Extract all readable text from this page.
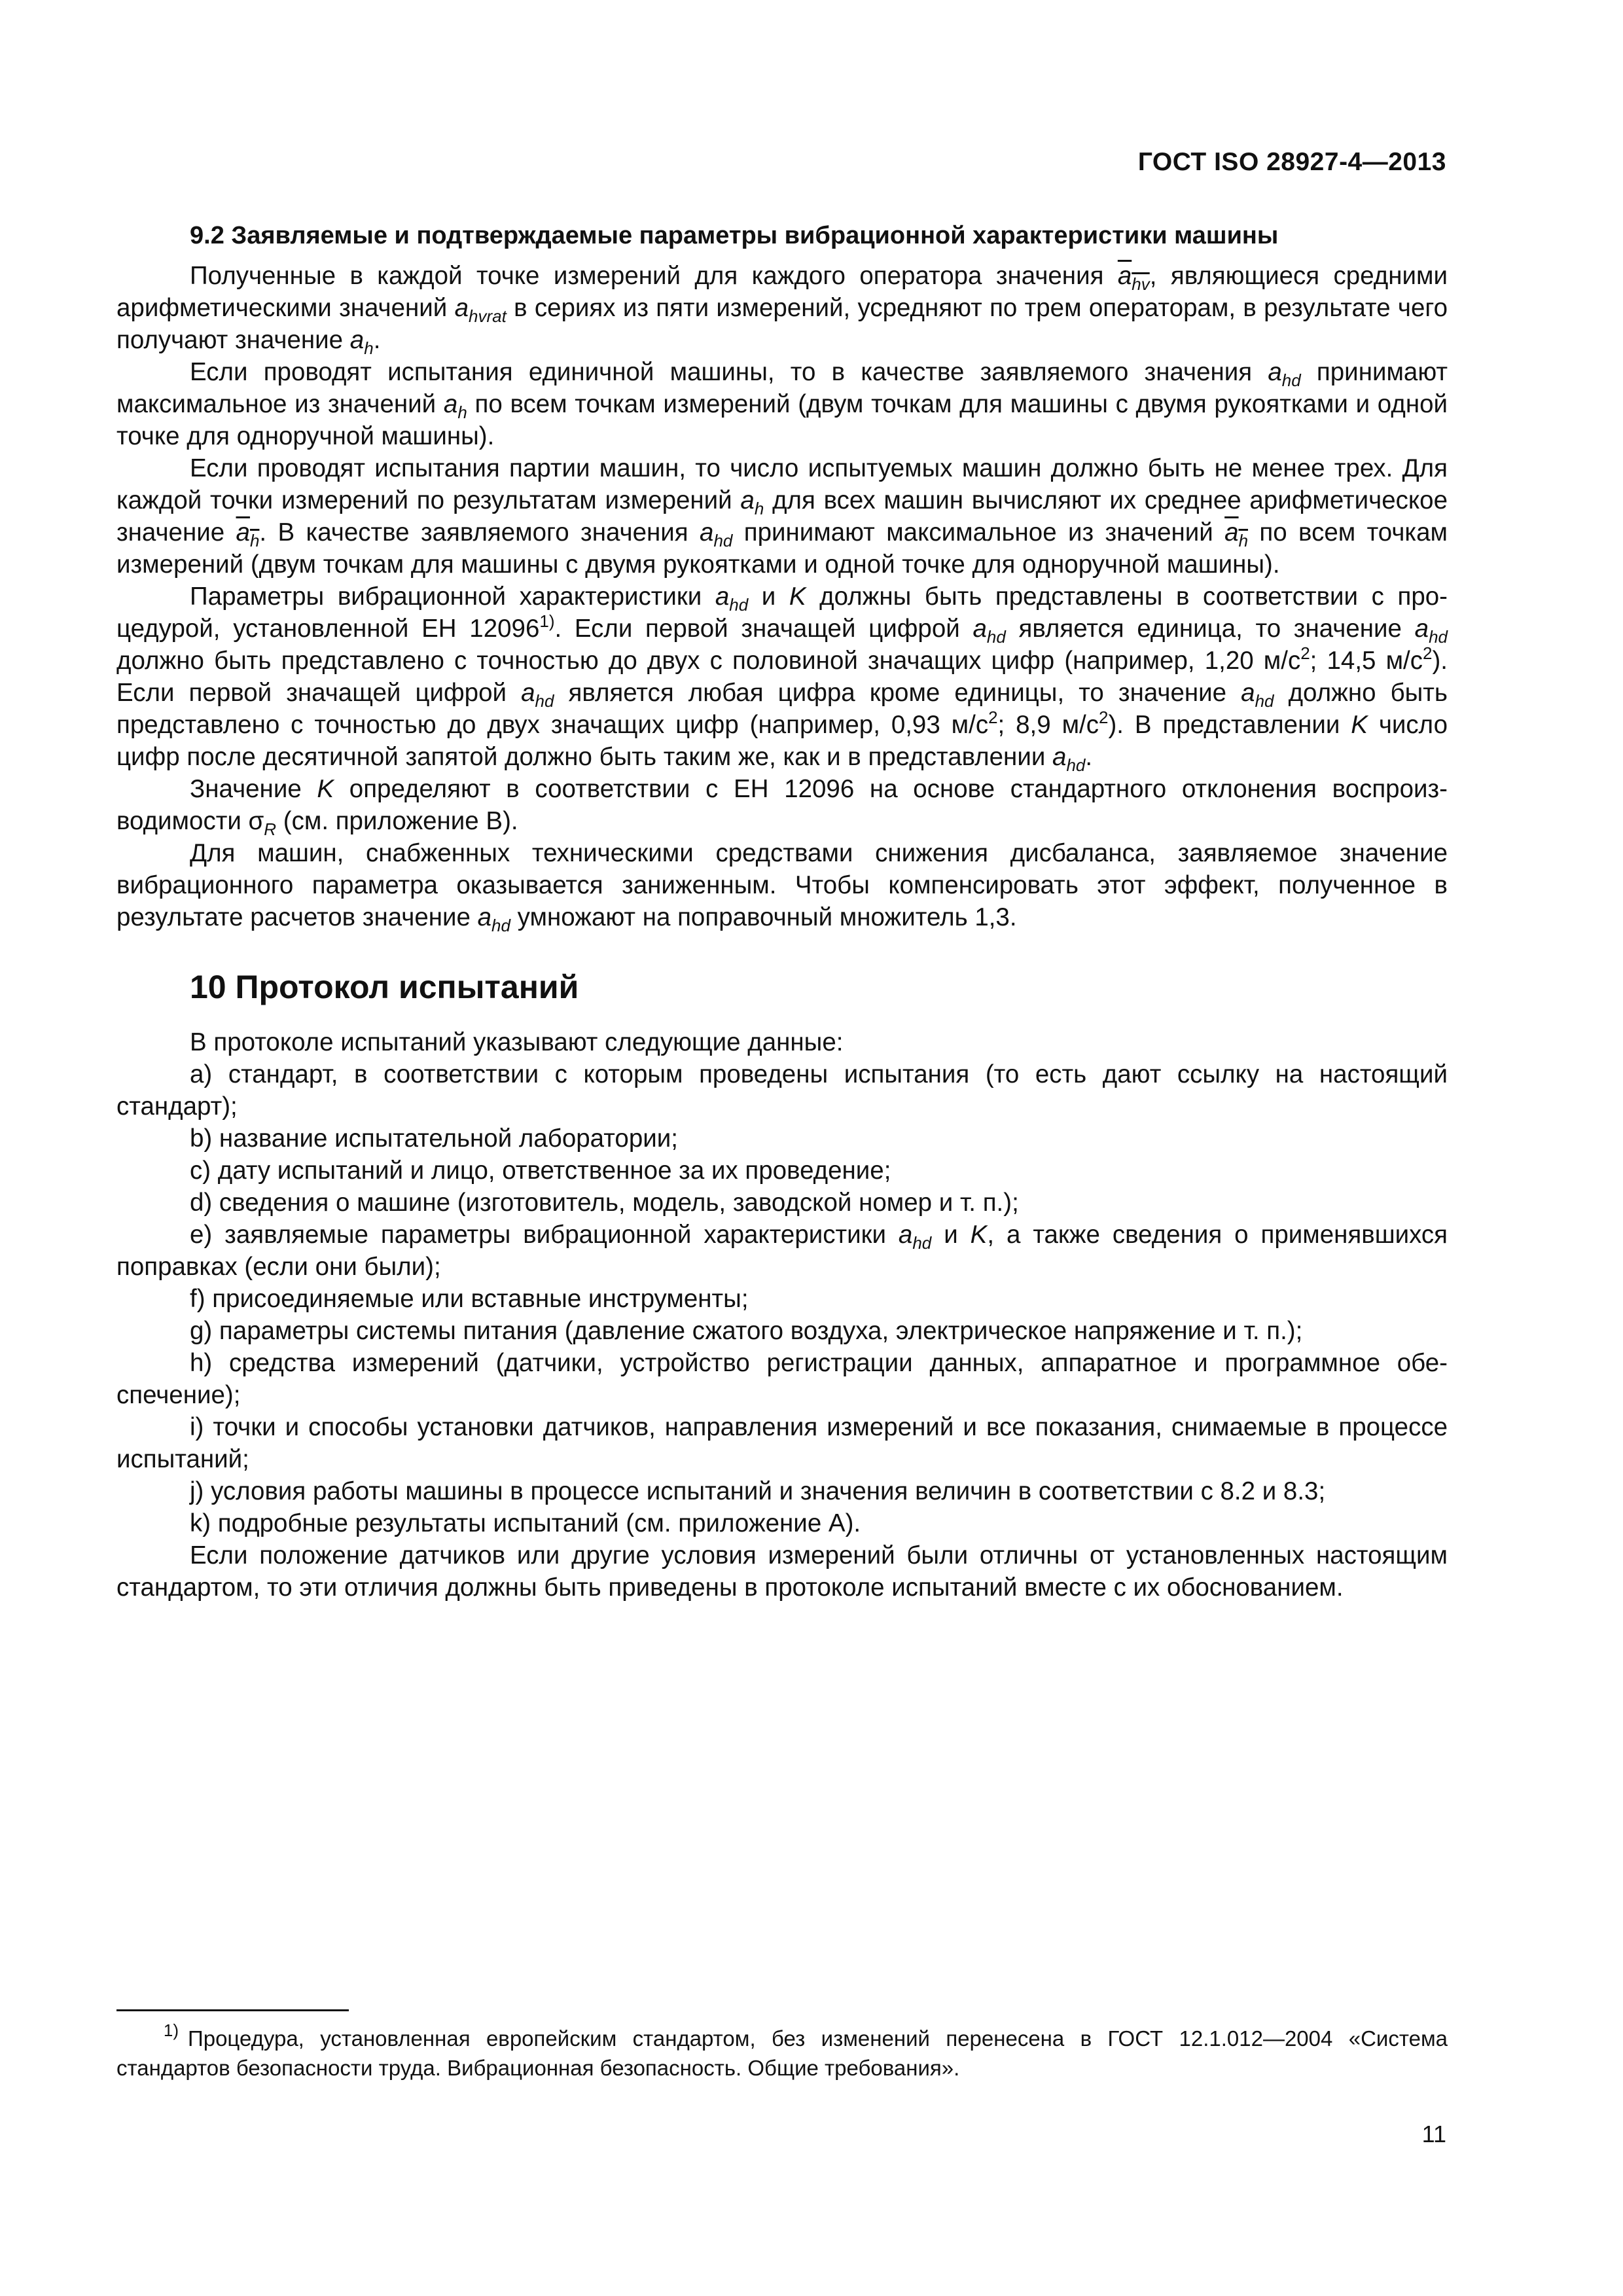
ГОСТ ISO 28927-4—2013
9.2 Заявляемые и подтверждаемые параметры вибрационной характеристики машины

Полученные в каждой точке измерений для каждого оператора значения $a_{hv}$, являющиеся средними арифметическими значений $a_{hvrat}$ в сериях из пяти измерений, усредняют по трем операторам, в результате чего получают значение $a_h$.

Если проводят испытания единичной машины, то в качестве заявляемого значения $a_{hd}$ принимают максимальное из значений $a_h$ по всем точкам измерений (двум точкам для машины с двумя рукоятками и одной точке для одноручной машины).

Если проводят испытания партии машин, то число испытуемых машин должно быть не менее трех. Для каждой точки измерений по результатам измерений $a_h$ для всех машин вычисляют их среднее арифметическое значение $a_h$. В качестве заявляемого значения $a_{hd}$ принимают максимальное из значений $a_h$ по всем точкам измерений (двум точкам для машины с двумя рукоятками и одной точке для одноручной машины).

Параметры вибрационной характеристики $a_{hd}$ и K должны быть представлены в соответствии с процедурой, установленной ЕН 12096$^{1)}$. Если первой значащей цифрой $a_{hd}$ является единица, то значение $a_{hd}$ должно быть представлено с точностью до двух с половиной значащих цифр (например, 1,20 $м/с^2$; 14,5 $м/с^2$). Если первой значащей цифрой $a_{hd}$ является любая цифра кроме единицы, то значение $a_{hd}$ должно быть представлено с точностью до двух значащих цифр (например, 0,93 $м/с^2$; 8,9 $м/с^2$). В представлении K число цифр после десятичной запятой должно быть таким же, как и в представлении $a_{hd}$.

Значение K определяют в соответствии с ЕН 12096 на основе стандартного отклонения воспроизводимости $\sigma_R$ (см. приложение В).

Для машин, снабженных техническими средствами снижения дисбаланса, заявляемое значение вибрационного параметра оказывается заниженным. Чтобы компенсировать этот эффект, полученное в результате расчетов значение $a_{hd}$ умножают на поправочный множитель 1,3.

10 Протокол испытаний

В протоколе испытаний указывают следующие данные:

а) стандарт, в соответствии с которым проведены испытания (то есть дают ссылку на настоящий стандарт);

b) название испытательной лаборатории;

c) дату испытаний и лицо, ответственное за их проведение;

d) сведения о машине (изготовитель, модель, заводской номер и т. п.);

e) заявляемые параметры вибрационной характеристики $a_{hd}$ и K, а также сведения о применявшихся поправках (если они были);

f) присоединяемые или вставные инструменты;

g) параметры системы питания (давление сжатого воздуха, электрическое напряжение и т. п.);

h) средства измерений (датчики, устройство регистрации данных, аппаратное и программное обеспечение);

i) точки и способы установки датчиков, направления измерений и все показания, снимаемые в процессе испытаний;

j) условия работы машины в процессе испытаний и значения величин в соответствии с 8.2 и 8.3;

k) подробные результаты испытаний (см. приложение А).

Если положение датчиков или другие условия измерений были отличны от установленных настоящим стандартом, то эти отличия должны быть приведены в протоколе испытаний вместе с их обоснованием.

$^{1)}$ Процедура, установленная европейским стандартом, без изменений перенесена в ГОСТ 12.1.012—2004 «Система стандартов безопасности труда. Вибрационная безопасность. Общие требования».
11
